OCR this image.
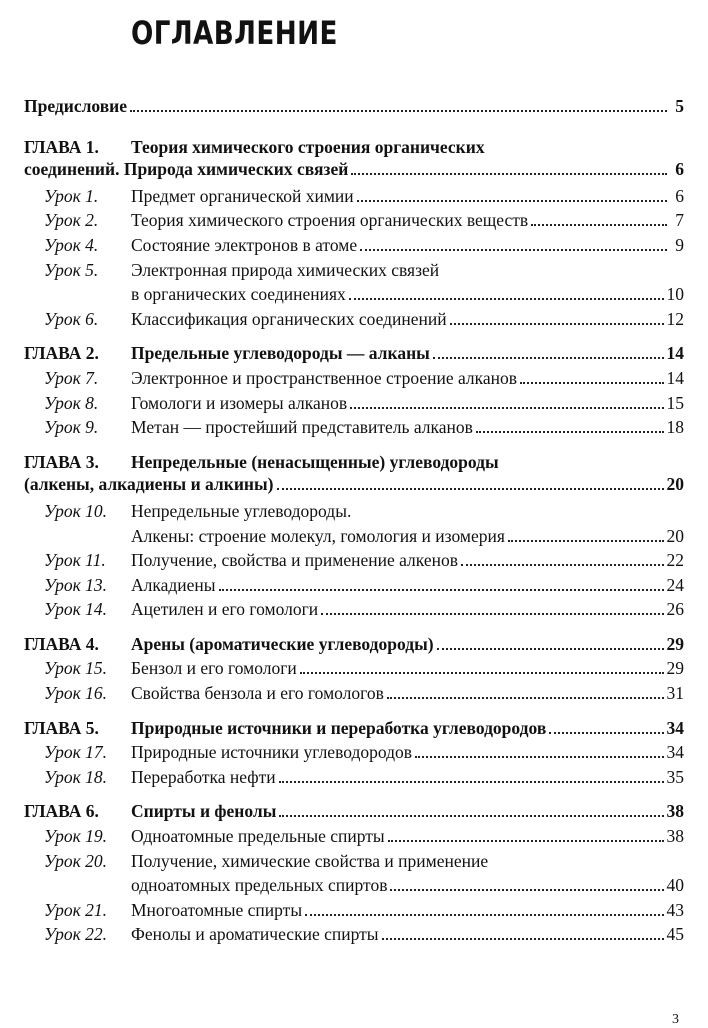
ОГЛАВЛЕНИЕ
Предисловие	5
ГЛАВА 1.	Теория химического строения органических
соединений. Природа химических связей	6
Урок 1.	Предмет органической химии	6
Урок 2.	Теория химического строения органических веществ	7
Урок 4.	Состояние электронов в атоме	9
Урок 5.	Электронная природа химических связей
в органических соединениях	10
Урок 6.	Классификация органических соединений	12
ГЛАВА 2.	Предельные углеводороды — алканы	14
Урок 7.	Электронное и пространственное строение алканов	14
Урок 8.	Гомологи и изомеры алканов	15
Урок 9.	Метан — простейший представитель алканов	18
ГЛАВА 3.	Непредельные (ненасыщенные) углеводороды
(алкены, алкадиены и алкины)	20
Урок 10.	Непредельные углеводороды.
Алкены: строение молекул, гомология и изомерия	20
Урок 11.	Получение, свойства и применение алкенов	22
Урок 13.	Алкадиены	24
Урок 14.	Ацетилен и его гомологи	26
ГЛАВА 4.	Арены (ароматические углеводороды)	29
Урок 15.	Бензол и его гомологи	29
Урок 16.	Свойства бензола и его гомологов	31
ГЛАВА 5.	Природные источники и переработка углеводородов	34
Урок 17.	Природные источники углеводородов	34
Урок 18.	Переработка нефти	35
ГЛАВА 6.	Спирты и фенолы	38
Урок 19.	Одноатомные предельные спирты	38
Урок 20.	Получение, химические свойства и применение
одноатомных предельных спиртов	40
Урок 21.	Многоатомные спирты	43
Урок 22.	Фенолы и ароматические спирты	45
3
